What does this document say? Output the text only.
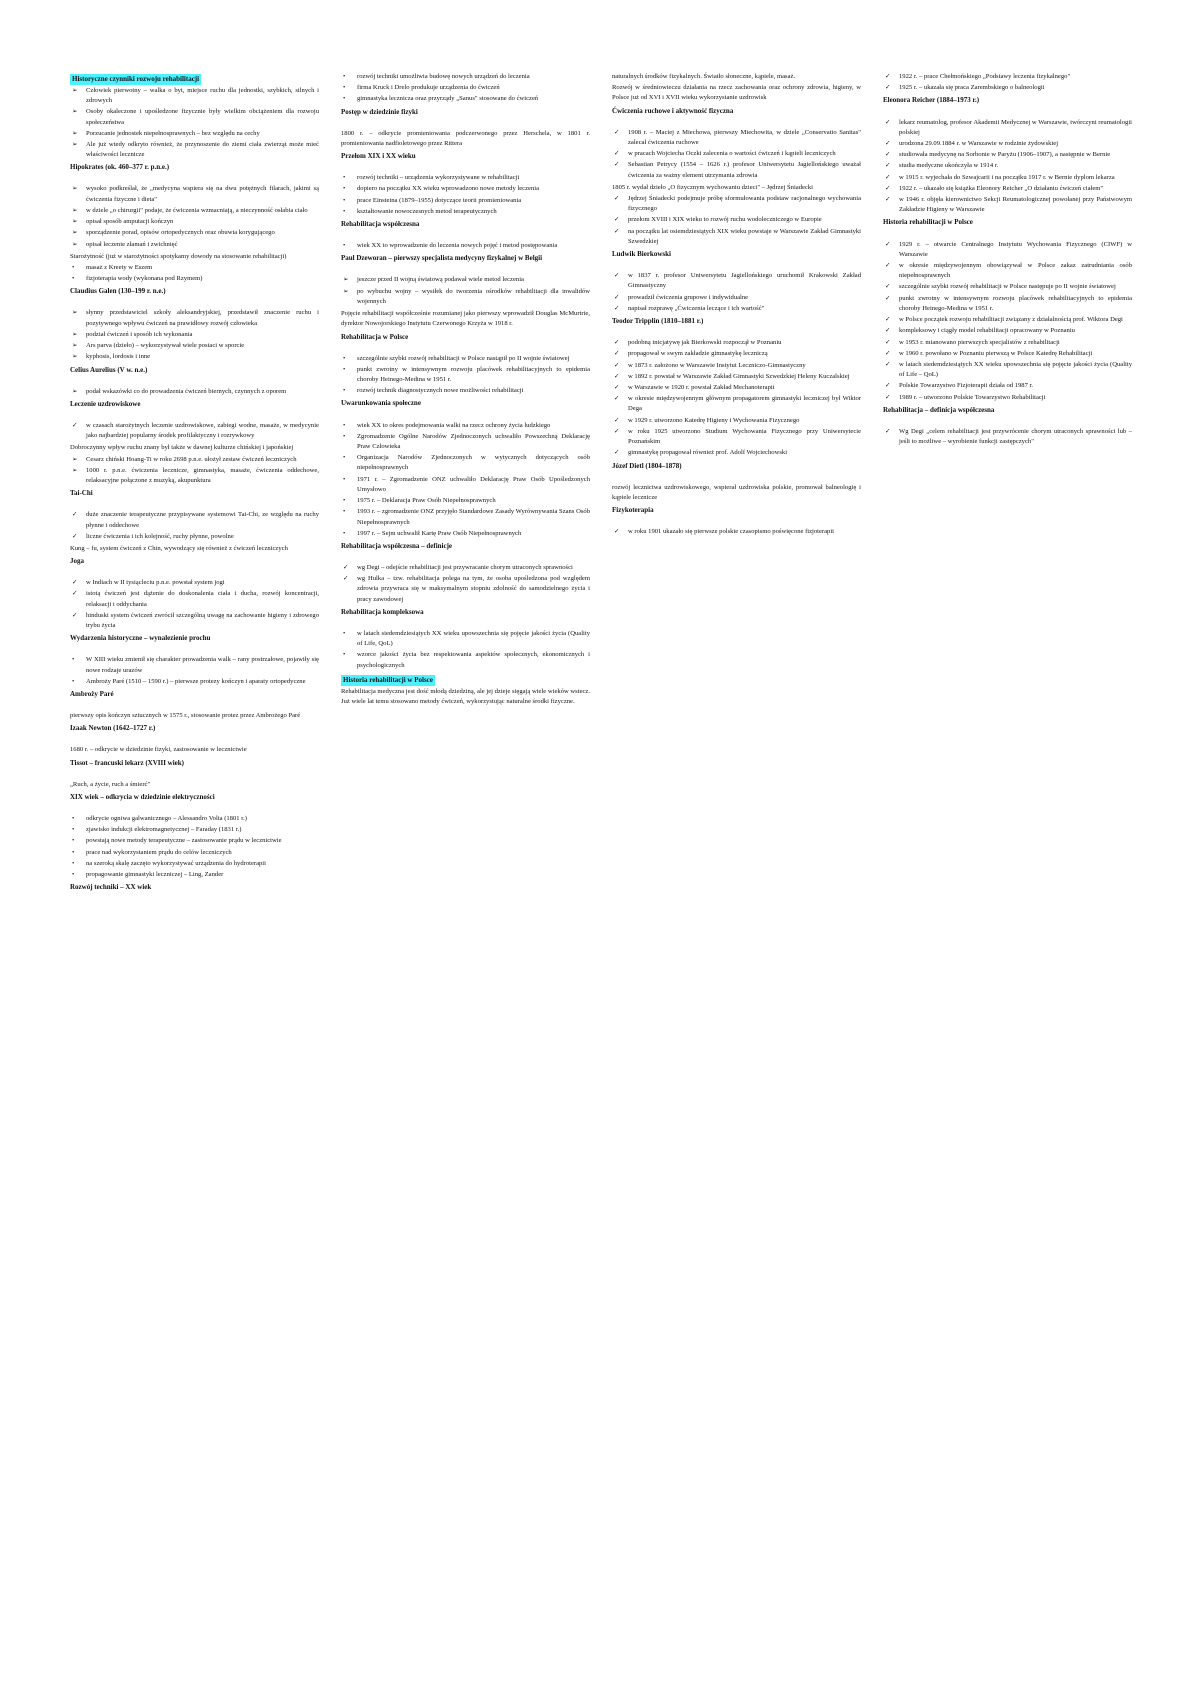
Historyczne czynniki rozwoju rehabilitacji

➢ Człowiek pierwotny – walka o byt, miejsce ruchu dla jednostki, szybkich, silnych i zdrowych
➢ Osoby okaleczone i upośledzone fizycznie były wielkim obciążeniem dla rozwoju społeczeństwa
➢ Porzucanie jednostek niepełnosprawnych – bez względu na cechy
➢ Ale już wtedy odkryto również, że przynoszenie do ziemi ciała zwierząt może mieć właściwości lecznicze
Hipokrates (ok. 460–377 r. p.n.e.)

➢ wysoko podkreślał, że „medycyna wspiera się na dwu potężnych filarach, jakimi są ćwiczenia fizyczne i dieta"
➢ w dziele „o chirurgii" podaje, że ćwiczenia wzmacniają, a nieczynność osłabia ciało
➢ opisał sposób amputacji kończyn
➢ sporządzenie porad, opisów ortopedycznych oraz obuwia korygującego
➢ opisał leczenie złamań i zwichnięć

Starożytność (już w starożytności spotykamy dowody na stosowanie rehabilitacji)

• masaż z Kreety w Eszem
• fizjoterapia wody (wykonana pod Rzymem)
Claudius Galen (130–199 r. n.e.)

➢ słynny przedstawiciel szkoły aleksandryjskiej, przedstawił znaczenie ruchu i pozytywnego wpływu ćwiczeń na prawidłowy rozwój człowieka
➢ podział ćwiczeń i sposób ich wykonania
➢ Ars parva (dzieło) – wykorzystywał wiele postaci w sporcie
➢ kyphosis, lordosis i inne
Celius Aurelius (V w. n.e.)

➢ podał wskazówki co do prowadzenia ćwiczeń biernych, czynnych z oporem
Leczenie uzdrowiskowe

✓ w czasach starożytnych leczenie uzdrowiskowe, zabiegi wodne, masaże, w medycynie jako najbardziej popularny środek profilaktyczny i rozrywkowy

Dobroczynny wpływ ruchu znany był także w dawnej kulturze chińskiej i japońskiej

➢ Cesarz chiński Hoang-Ti w roku 2698 p.n.e. ułożył zestaw ćwiczeń leczniczych
➢ 1000 r. p.n.e. ćwiczenia lecznicze, gimnastyka, masaże, ćwiczenia oddechowe, relaksacyjne połączone z muzyką, akupunktura
Tai-Chi

✓ duże znaczenie terapeutyczne przypisywane systemowi Tai-Chi, ze względu na ruchy płynne i oddechowe
✓ liczne ćwiczenia i ich kolejność, ruchy płynne, powolne

Kung – fu, system ćwiczeń z Chin, wywodzący się również z ćwiczeń leczniczych

Joga

✓ w Indiach w II tysiącleciu p.n.e. powstał system jogi
✓ istotą ćwiczeń jest dążenie do doskonalenia ciała i ducha, rozwój koncentracji, relaksacji i oddychania
✓ hinduski system ćwiczeń zwrócił szczególną uwagę na zachowanie higieny i zdrowego trybu życia
Wydarzenia historyczne – wynalezienie prochu

• W XIII wieku zmienił się charakter prowadzenia walk – rany postrzałowe, pojawiły się nowe rodzaje urazów
• Ambroży Paré (1510 – 1590 r.) – pierwsze protezy kończyn i aparaty ortopedyczne
Ambroży Paré

pierwszy opis kończyn sztucznych w 1575 r., stosowanie protez przez Ambrożego Paré

Izaak Newton (1642–1727 r.)

1680 r. – odkrycie w dziedzinie fizyki, zastosowanie w lecznictwie

Tissot – francuski lekarz (XVIII wiek)

„Ruch, a życie, ruch a śmierć"

XIX wiek – odkrycia w dziedzinie elektryczności

• odkrycie ogniwa galwanicznego – Alessandro Volta (1801 r.)
• zjawisko indukcji elektromagnetycznej – Faraday (1831 r.)
• powstają nowe metody terapeutyczne – zastosowanie prądu w lecznictwie
• prace nad wykorzystaniem prądu do celów leczniczych
• na szeroką skalę zaczęto wykorzystywać urządzenia do hydroterapii
• propagowanie gimnastyki leczniczej – Ling, Zander
Rozwój techniki – XX wiek

• rozwój techniki umożliwia budowę nowych urządzeń do leczenia
• firma Kruck i Drelo produkuje urządzenia do ćwiczeń
• gimnastyka lecznicza oraz przyrządy „Sanus" stosowane do ćwiczeń
Postęp w dziedzinie fizyki

1800 r. – odkrycie promieniowania podczerwonego przez Herschela, w 1801 r. promieniowania nadfioletowego przez Rittera

Przełom XIX i XX wieku

• rozwój techniki – urządzenia wykorzystywane w rehabilitacji
• dopiero na początku XX wieku wprowadzono nowe metody leczenia
• prace Einsteina (1879–1955) dotyczące teorii promieniowania
• kształtowanie nowoczesnych metod terapeutycznych
Rehabilitacja współczesna

• wiek XX to wprowadzenie do leczenia nowych pojęć i metod postępowania
Paul Dzeworan – pierwszy specjalista medycyny fizykalnej w Belgii

➢ jeszcze przed II wojną światową podawał wiele metod leczenia
➢ po wybuchu wojny – wysiłek do tworzenia ośrodków rehabilitacji dla inwalidów wojennych

Pojęcie rehabilitacji współcześnie rozumianej jako pierwszy wprowadził Douglas McMurtrie, dyrektor Nowojorskiego Instytutu Czerwonego Krzyża w 1918 r.

Rehabilitacja w Polsce

• szczególnie szybki rozwój rehabilitacji w Polsce nastąpił po II wojnie światowej
• punkt zwrotny w intensywnym rozwoju placówek rehabilitacyjnych to epidemia choroby Heinego-Medina w 1951 r.
• rozwój technik diagnostycznych nowe możliwości rehabilitacji
Uwarunkowania społeczne

• wiek XX to okres podejmowania walki na rzecz ochrony życia ludzkiego
• Zgromadzenie Ogólne Narodów Zjednoczonych uchwaliło Powszechną Deklarację Praw Człowieka
• Organizacja Narodów Zjednoczonych w wytycznych dotyczących osób niepełnosprawnych
• 1971 r. – Zgromadzenie ONZ uchwaliło Deklarację Praw Osób Upośledzonych Umysłowo
• 1975 r. – Deklaracja Praw Osób Niepełnosprawnych
• 1993 r. – zgromadzenie ONZ przyjęło Standardowe Zasady Wyrównywania Szans Osób Niepełnosprawnych
• 1997 r. – Sejm uchwalił Kartę Praw Osób Niepełnosprawnych
Rehabilitacja współczesna – definicje

✓ wg Degi – odejście rehabilitacji jest przywracanie chorym utraconych sprawności
✓ wg Hulka – tzw. rehabilitacja polega na tym, że osoba upośledzona pod względem zdrowia przywraca się w maksymalnym stopniu zdolność do samodzielnego życia i pracy zawodowej
Rehabilitacja kompleksowa

• w latach siedemdziesiątych XX wieku upowszechnia się pojęcie jakości życia (Quality of Life, QoL)
• wzorce jakości życia bez respektowania aspektów społecznych, ekonomicznych i psychologicznych
Historia rehabilitacji w Polsce

Rehabilitacja medyczna jest dość młodą dziedziną, ale jej dzieje sięgają wiele wieków wstecz. Już wiele lat temu stosowano metody ćwiczeń, wykorzystując naturalne środki fizyczne.

naturalnych środków fizykalnych. Światło słoneczne, kąpiele, masaż.

Rozwój w średniowieczu działania na rzecz zachowania oraz ochrony zdrowia, higieny, w Polsce już od XVI i XVII wieku wykorzystanie uzdrowisk

Ćwiczenia ruchowe i aktywność fizyczna

✓ 1908 r. – Maciej z Miechowa, pierwszy Miechowita, w dziele „Conservatio Sanitas" zalecał ćwiczenia ruchowe
✓ w pracach Wojciecha Oczki zalecenia o wartości ćwiczeń i kąpieli leczniczych
✓ Sebastian Petrycy (1554 – 1626 r.) profesor Uniwersytetu Jagiellońskiego uważał ćwiczenia za ważny element utrzymania zdrowia

1805 r. wydał dzieło „O fizycznym wychowaniu dzieci" – Jędrzej Śniadecki

✓ Jędrzej Śniadecki podejmuje próbę sformułowania podstaw racjonalnego wychowania fizycznego
✓ przełom XVIII i XIX wieku to rozwój ruchu wodoleczniczego w Europie
✓ na początku lat osiemdziesiątych XIX wieku powstaje w Warszawie Zakład Gimnastyki Szwedzkiej
Ludwik Bierkowski

✓ w 1837 r. profesor Uniwersytetu Jagiellońskiego uruchomił Krakowski Zakład Gimnastyczny
✓ prowadził ćwiczenia grupowe i indywidualne
✓ napisał rozprawę „Ćwiczenia leczące i ich wartość"
Teodor Tripplin (1810–1881 r.)

✓ podobną inicjatywę jak Bierkowski rozpoczął w Poznaniu
✓ propagował w swym zakładzie gimnastykę leczniczą
✓ w 1873 r. założono w Warszawie Instytut Leczniczo-Gimnastyczny
✓ w 1892 r. powstał w Warszawie Zakład Gimnastyki Szwedzkiej Heleny Kuczalskiej
✓ w Warszawie w 1920 r. powstał Zakład Mechanoterapii
✓ w okresie międzywojennym głównym propagatorem gimnastyki leczniczej był Wiktor Dega
✓ w 1929 r. utworzono Katedrę Higieny i Wychowania Fizycznego
✓ w roku 1925 utworzono Studium Wychowania Fizycznego przy Uniwersytecie Poznańskim
✓ gimnastykę propagował również prof. Adolf Wojciechowski
Józef Dietl (1804–1878)

rozwój lecznictwa uzdrowiskowego, wspierał uzdrowiska polskie, promował balneologię i kąpiele lecznicze

Fizykoterapia

✓ w roku 1901 ukazało się pierwsze polskie czasopismo poświęcone fizjoterapii
✓ 1922 r. – prace Chełmońskiego „Podstawy leczenia fizykalnego"
✓ 1925 r. – ukazała się praca Zarembskiego o balneologii
Eleonora Reicher (1884–1973 r.)

✓ lekarz reumatolog, profesor Akademii Medycznej w Warszawie, twórczyni reumatologii polskiej
✓ urodzona 29.09.1884 r. w Warszawie w rodzinie żydowskiej
✓ studiowała medycynę na Sorbonie w Paryżu (1906–1907), a następnie w Bernie
✓ studia medyczne ukończyła w 1914 r.
✓ w 1915 r. wyjechała do Szwajcarii i na początku 1917 r. w Bernie dyplom lekarza
✓ 1922 r. – ukazało się książka Eleonory Reicher „O działaniu ćwiczeń ciałem"
✓ w 1946 r. objęła kierownictwo Sekcji Reumatologicznej powołanej przy Państwowym Zakładzie Higieny w Warszawie
Historia rehabilitacji w Polsce

✓ 1929 r. – otwarcie Centralnego Instytutu Wychowania Fizycznego (CIWF) w Warszawie
✓ w okresie międzywojennym obowiązywał w Polsce zakaz zatrudniania osób niepełnosprawnych
✓ szczególnie szybki rozwój rehabilitacji w Polsce następuje po II wojnie światowej
✓ punkt zwrotny w intensywnym rozwoju placówek rehabilitacyjnych to epidemia choroby Heinego-Medina w 1951 r.
✓ w Polsce początek rozwoju rehabilitacji związany z działalnością prof. Wiktora Degi
✓ kompleksowy i ciągły model rehabilitacji opracowany w Poznaniu
✓ w 1953 r. mianowano pierwszych specjalistów z rehabilitacji
✓ w 1960 r. powołano w Poznaniu pierwszą w Polsce Katedrę Rehabilitacji
✓ w latach siedemdziesiątych XX wieku upowszechnia się pojęcie jakości życia (Quality of Life – QoL)
✓ Polskie Towarzystwo Fizjoterapii działa od 1987 r.
✓ 1989 r. – utworzono Polskie Towarzystwo Rehabilitacji
Rehabilitacja – definicja współczesna

✓ Wg Degi „celem rehabilitacji jest przywrócenie chorym utraconych sprawności lub – jeśli to możliwe – wyrobienie funkcji zastępczych"
